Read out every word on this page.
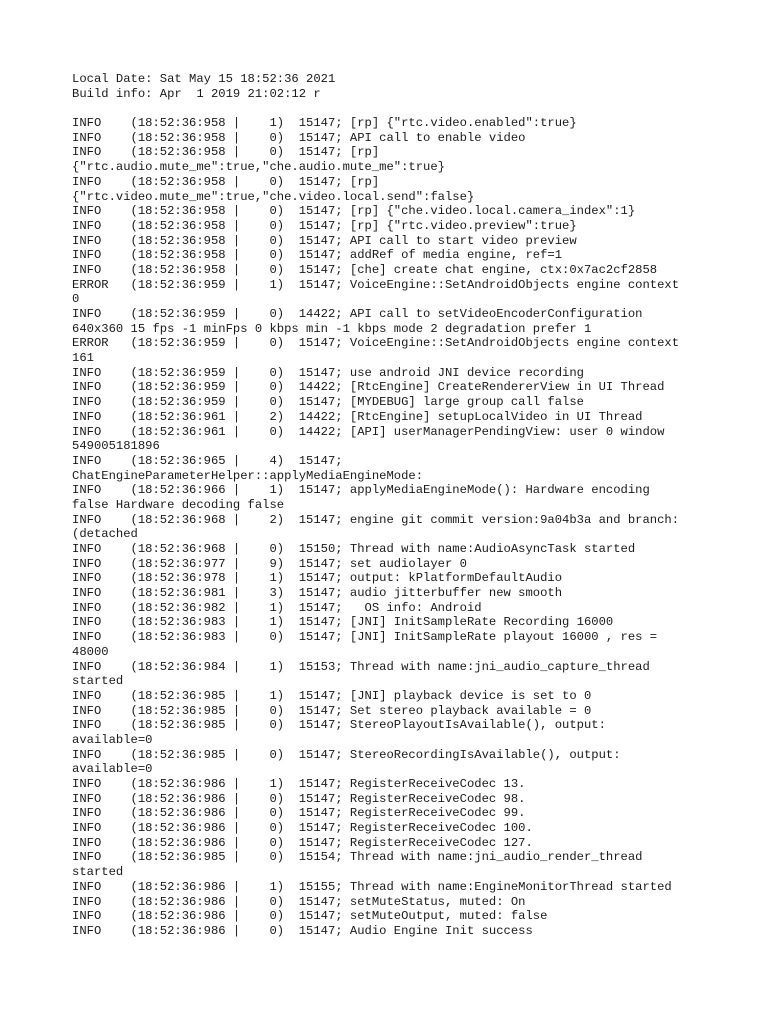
Local Date: Sat May 15 18:52:36 2021
Build info: Apr  1 2019 21:02:12 r
INFO    (18:52:36:958 |    1)  15147; [rp] {"rtc.video.enabled":true}
INFO    (18:52:36:958 |    0)  15147; API call to enable video
INFO    (18:52:36:958 |    0)  15147; [rp]
{"rtc.audio.mute_me":true,"che.audio.mute_me":true}
INFO    (18:52:36:958 |    0)  15147; [rp]
{"rtc.video.mute_me":true,"che.video.local.send":false}
INFO    (18:52:36:958 |    0)  15147; [rp] {"che.video.local.camera_index":1}
INFO    (18:52:36:958 |    0)  15147; [rp] {"rtc.video.preview":true}
INFO    (18:52:36:958 |    0)  15147; API call to start video preview
INFO    (18:52:36:958 |    0)  15147; addRef of media engine, ref=1
INFO    (18:52:36:958 |    0)  15147; [che] create chat engine, ctx:0x7ac2cf2858
ERROR   (18:52:36:959 |    1)  15147; VoiceEngine::SetAndroidObjects engine context
0
INFO    (18:52:36:959 |    0)  14422; API call to setVideoEncoderConfiguration
640x360 15 fps -1 minFps 0 kbps min -1 kbps mode 2 degradation prefer 1
ERROR   (18:52:36:959 |    0)  15147; VoiceEngine::SetAndroidObjects engine context
161
INFO    (18:52:36:959 |    0)  15147; use android JNI device recording
INFO    (18:52:36:959 |    0)  14422; [RtcEngine] CreateRendererView in UI Thread
INFO    (18:52:36:959 |    0)  15147; [MYDEBUG] large group call false
INFO    (18:52:36:961 |    2)  14422; [RtcEngine] setupLocalVideo in UI Thread
INFO    (18:52:36:961 |    0)  14422; [API] userManagerPendingView: user 0 window
549005181896
INFO    (18:52:36:965 |    4)  15147;
ChatEngineParameterHelper::applyMediaEngineMode:
INFO    (18:52:36:966 |    1)  15147; applyMediaEngineMode(): Hardware encoding
false Hardware decoding false
INFO    (18:52:36:968 |    2)  15147; engine git commit version:9a04b3a and branch:
(detached
INFO    (18:52:36:968 |    0)  15150; Thread with name:AudioAsyncTask started
INFO    (18:52:36:977 |    9)  15147; set audiolayer 0
INFO    (18:52:36:978 |    1)  15147; output: kPlatformDefaultAudio
INFO    (18:52:36:981 |    3)  15147; audio jitterbuffer new smooth
INFO    (18:52:36:982 |    1)  15147;   OS info: Android
INFO    (18:52:36:983 |    1)  15147; [JNI] InitSampleRate Recording 16000
INFO    (18:52:36:983 |    0)  15147; [JNI] InitSampleRate playout 16000 , res =
48000
INFO    (18:52:36:984 |    1)  15153; Thread with name:jni_audio_capture_thread
started
INFO    (18:52:36:985 |    1)  15147; [JNI] playback device is set to 0
INFO    (18:52:36:985 |    0)  15147; Set stereo playback available = 0
INFO    (18:52:36:985 |    0)  15147; StereoPlayoutIsAvailable(), output:
available=0
INFO    (18:52:36:985 |    0)  15147; StereoRecordingIsAvailable(), output:
available=0
INFO    (18:52:36:986 |    1)  15147; RegisterReceiveCodec 13.
INFO    (18:52:36:986 |    0)  15147; RegisterReceiveCodec 98.
INFO    (18:52:36:986 |    0)  15147; RegisterReceiveCodec 99.
INFO    (18:52:36:986 |    0)  15147; RegisterReceiveCodec 100.
INFO    (18:52:36:986 |    0)  15147; RegisterReceiveCodec 127.
INFO    (18:52:36:985 |    0)  15154; Thread with name:jni_audio_render_thread
started
INFO    (18:52:36:986 |    1)  15155; Thread with name:EngineMonitorThread started
INFO    (18:52:36:986 |    0)  15147; setMuteStatus, muted: On
INFO    (18:52:36:986 |    0)  15147; setMuteOutput, muted: false
INFO    (18:52:36:986 |    0)  15147; Audio Engine Init success
